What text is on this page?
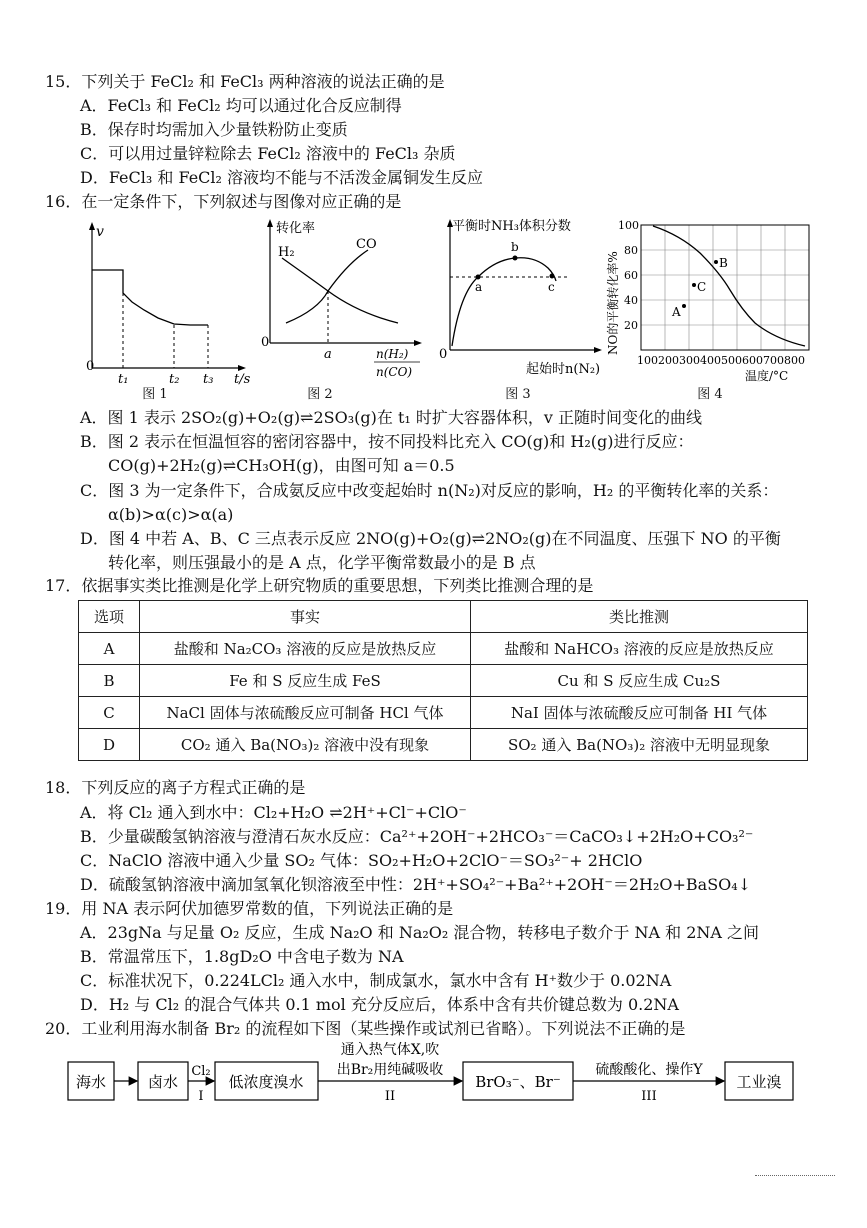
15．下列关于 FeCl₂ 和 FeCl₃ 两种溶液的说法正确的是
A．FeCl₃ 和 FeCl₂ 均可以通过化合反应制得
B．保存时均需加入少量铁粉防止变质
C．可以用过量锌粒除去 FeCl₂ 溶液中的 FeCl₃ 杂质
D．FeCl₃ 和 FeCl₂ 溶液均不能与不活泼金属铜发生反应
16．在一定条件下，下列叙述与图像对应正确的是
v
0
t₁	t₂ t₃ t/s
图 1
转化率
H₂
CO
0
a	n(H₂)
n(CO)
图 2
平衡时NH₃体积分数
a
b
c
0
起始时n(N₂)
图 3
A
B
C
100
80
60
40
20
100200300400500600700800
温度/°C
NO的平衡转化率%
图 4
A．图 1 表示 2SO₂(g)+O₂(g)⇌2SO₃(g)在 t₁ 时扩大容器体积，v 正随时间变化的曲线
B．图 2 表示在恒温恒容的密闭容器中，按不同投料比充入 CO(g)和 H₂(g)进行反应：
CO(g)+2H₂(g)⇌CH₃OH(g)，由图可知 a＝0.5
C．图 3 为一定条件下，合成氨反应中改变起始时 n(N₂)对反应的影响，H₂ 的平衡转化率的关系：
α(b)>α(c)>α(a)
D．图 4 中若 A、B、C 三点表示反应 2NO(g)+O₂(g)⇌2NO₂(g)在不同温度、压强下 NO 的平衡
转化率，则压强最小的是 A 点，化学平衡常数最小的是 B 点
17．依据事实类比推测是化学上研究物质的重要思想，下列类比推测合理的是
选项	事实	类比推测
A	盐酸和 Na₂CO₃ 溶液的反应是放热反应	盐酸和 NaHCO₃ 溶液的反应是放热反应
B	Fe 和 S 反应生成 FeS	Cu 和 S 反应生成 Cu₂S
C	NaCl 固体与浓硫酸反应可制备 HCl 气体	NaI 固体与浓硫酸反应可制备 HI 气体
D	CO₂ 通入 Ba(NO₃)₂ 溶液中没有现象	SO₂ 通入 Ba(NO₃)₂ 溶液中无明显现象
18．下列反应的离子方程式正确的是
A．将 Cl₂ 通入到水中：Cl₂+H₂O ⇌2H⁺+Cl⁻+ClO⁻
B．少量碳酸氢钠溶液与澄清石灰水反应：Ca²⁺+2OH⁻+2HCO₃⁻＝CaCO₃↓+2H₂O+CO₃²⁻
C．NaClO 溶液中通入少量 SO₂ 气体：SO₂+H₂O+2ClO⁻＝SO₃²⁻+ 2HClO
D．硫酸氢钠溶液中滴加氢氧化钡溶液至中性：2H⁺+SO₄²⁻+Ba²⁺+2OH⁻＝2H₂O+BaSO₄↓
19．用 NA 表示阿伏加德罗常数的值，下列说法正确的是
A．23gNa 与足量 O₂ 反应，生成 Na₂O 和 Na₂O₂ 混合物，转移电子数介于 NA 和 2NA 之间
B．常温常压下，1.8gD₂O 中含电子数为 NA
C．标准状况下，0.224LCl₂ 通入水中，制成氯水，氯水中含有 H⁺数少于 0.02NA
D．H₂ 与 Cl₂ 的混合气体共 0.1 mol 充分反应后，体系中含有共价键总数为 0.2NA
20．工业利用海水制备 Br₂ 的流程如下图（某些操作或试剂已省略）。下列说法不正确的是
海水	卤水	低浓度溴水	BrO₃⁻、Br⁻	工业溴
Cl₂
I
通入热气体X,吹
出Br₂用纯碱吸收
II
硫酸酸化、操作Y
III
